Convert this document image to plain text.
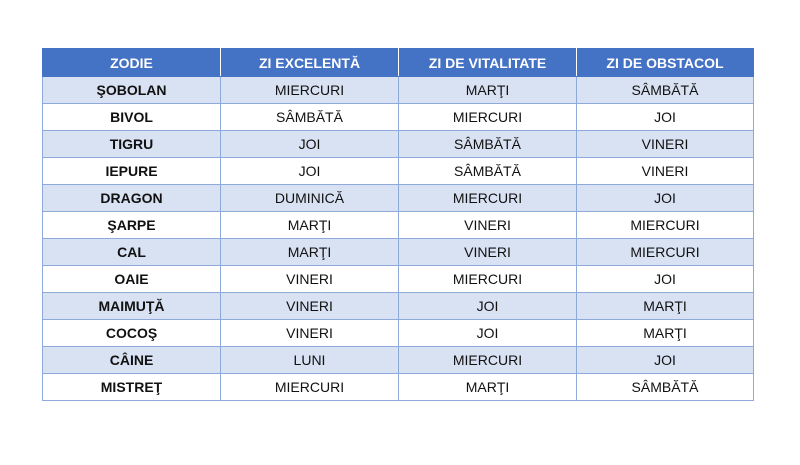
ZODIE	ZI EXCELENTĂ	ZI DE VITALITATE	ZI DE OBSTACOL
ŞOBOLAN	MIERCURI	MARŢI	SÂMBĂTĂ
BIVOL	SÂMBĂTĂ	MIERCURI	JOI
TIGRU	JOI	SÂMBĂTĂ	VINERI
IEPURE	JOI	SÂMBĂTĂ	VINERI
DRAGON	DUMINICĂ	MIERCURI	JOI
ŞARPE	MARŢI	VINERI	MIERCURI
CAL	MARŢI	VINERI	MIERCURI
OAIE	VINERI	MIERCURI	JOI
MAIMUŢĂ	VINERI	JOI	MARŢI
COCOŞ	VINERI	JOI	MARŢI
CÂINE	LUNI	MIERCURI	JOI
MISTREŢ	MIERCURI	MARŢI	SÂMBĂTĂ
